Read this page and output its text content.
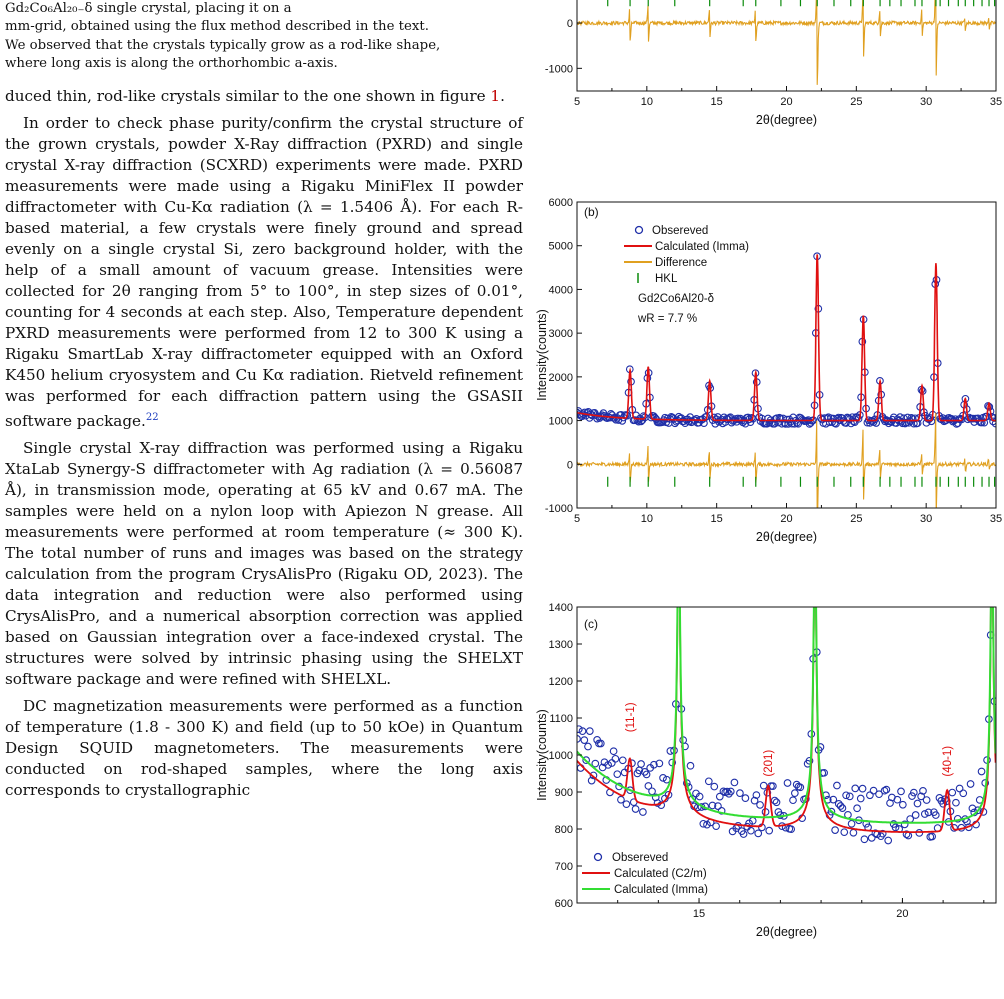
Gd₂Co₆Al₂₀₋δ single crystal, placing it on a

mm-grid, obtained using the flux method described in the text.

We observed that the crystals typically grow as a rod-like shape,

where long axis is along the orthorhombic a-axis.

duced thin, rod-like crystals similar to the one shown in figure 1.

In order to check phase purity/confirm the crystal structure of the grown crystals, powder X-Ray diffraction (PXRD) and single crystal X-ray diffraction (SCXRD) experiments were made. PXRD measurements were made using a Rigaku MiniFlex II powder diffractometer with Cu-Kα radiation (λ = 1.5406 Å). For each R-based material, a few crystals were finely ground and spread evenly on a single crystal Si, zero background holder, with the help of a small amount of vacuum grease. Intensities were collected for 2θ ranging from 5° to 100°, in step sizes of 0.01°, counting for 4 seconds at each step. Also, Temperature dependent PXRD measurements were performed from 12 to 300 K using a Rigaku SmartLab X-ray diffractometer equipped with an Oxford K450 helium cryosystem and Cu Kα radiation. Rietveld refinement was performed for each diffraction pattern using the GSASII software package.$^{22}$

Single crystal X-ray diffraction was performed using a Rigaku XtaLab Synergy-S diffractometer with Ag radiation (λ = 0.56087 Å), in transmission mode, operating at 65 kV and 0.67 mA. The samples were held on a nylon loop with Apiezon N grease. All measurements were performed at room temperature (≈ 300 K). The total number of runs and images was based on the strategy calculation from the program CrysAlisPro (Rigaku OD, 2023). The data integration and reduction were also performed using CrysAlisPro, and a numerical absorption correction was applied based on Gaussian integration over a face-indexed crystal. The structures were solved by intrinsic phasing using the SHELXT software package and were refined with SHELXL.

DC magnetization measurements were performed as a function of temperature (1.8 - 300 K) and field (up to 50 kOe) in Quantum Design SQUID magnetometers. The measurements were conducted on rod-shaped samples, where the long axis corresponds to crystallographic

5	10	15	20	25	30	35
0
-1000
2θ(degree)
5	10	15	20	25	30	35
-1000
0
1000
2000
3000
4000
5000
6000
2θ(degree)
(b)
Obsereved
Calculated (Imma)
Difference
HKL
Gd2Co6Al20-δ
wR = 7.7 %
Intensity(counts)
15	20
600
700
800
900
1000
1100
1200
1300
1400
(c)
(11-1)
(201)	(40-1)
Obsereved
Calculated (C2/m)
Calculated (Imma)
Intensity(counts)
2θ(degree)
